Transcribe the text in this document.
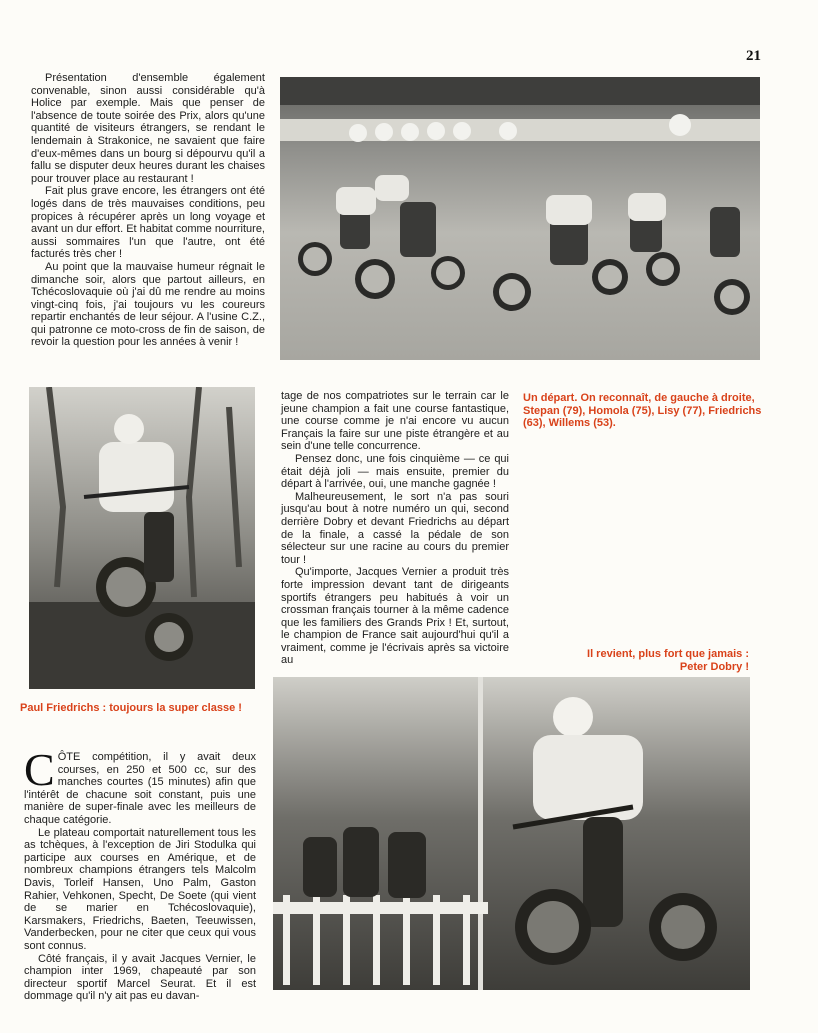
21

Présentation d'ensemble également convenable, sinon aussi considérable qu'à Holice par exemple. Mais que penser de l'absence de toute soirée des Prix, alors qu'une quantité de visiteurs étrangers, se rendant le lendemain à Strakonice, ne savaient que faire d'eux-mêmes dans un bourg si dépourvu qu'il a fallu se disputer deux heures durant les chaises pour trouver place au restaurant !

Fait plus grave encore, les étrangers ont été logés dans de très mauvaises conditions, peu propices à récupérer après un long voyage et avant un dur effort. Et habitat comme nourriture, aussi sommaires l'un que l'autre, ont été facturés très cher !

Au point que la mauvaise humeur régnait le dimanche soir, alors que partout ailleurs, en Tchécoslovaquie où j'ai dû me rendre au moins vingt-cinq fois, j'ai toujours vu les coureurs repartir enchantés de leur séjour. A l'usine C.Z., qui patronne ce moto-cross de fin de saison, de revoir la question pour les années à venir !

Un départ. On reconnaît, de gauche à droite, Stepan (79), Homola (75), Lisy (77), Friedrichs (63), Willems (53).
Paul Friedrichs : toujours la super classe !

tage de nos compatriotes sur le terrain car le jeune champion a fait une course fantastique, une course comme je n'ai encore vu aucun Français la faire sur une piste étrangère et au sein d'une telle concurrence.

Pensez donc, une fois cinquième — ce qui était déjà joli — mais ensuite, premier du départ à l'arrivée, oui, une manche gagnée !

Malheureusement, le sort n'a pas souri jusqu'au bout à notre numéro un qui, second derrière Dobry et devant Friedrichs au départ de la finale, a cassé la pédale de son sélecteur sur une racine au cours du premier tour !

Qu'importe, Jacques Vernier a produit très forte impression devant tant de dirigeants sportifs étrangers peu habitués à voir un crossman français tourner à la même cadence que les familiers des Grands Prix ! Et, surtout, le champion de France sait aujourd'hui qu'il a vraiment, comme je l'écrivais après sa victoire au

Il revient, plus fort que jamais : Peter Dobry !

CÔTE compétition, il y avait deux courses, en 250 et 500 cc, sur des manches courtes (15 minutes) afin que l'intérêt de chacune soit constant, puis une manière de super-finale avec les meilleurs de chaque catégorie.

Le plateau comportait naturellement tous les as tchèques, à l'exception de Jiri Stodulka qui participe aux courses en Amérique, et de nombreux champions étrangers tels Malcolm Davis, Torleif Hansen, Uno Palm, Gaston Rahier, Vehkonen, Specht, De Soete (qui vient de se marier en Tchécoslovaquie), Karsmakers, Friedrichs, Baeten, Teeuwissen, Vanderbecken, pour ne citer que ceux qui vous sont connus.

Côté français, il y avait Jacques Vernier, le champion inter 1969, chapeauté par son directeur sportif Marcel Seurat. Et il est dommage qu'il n'y ait pas eu davan-
